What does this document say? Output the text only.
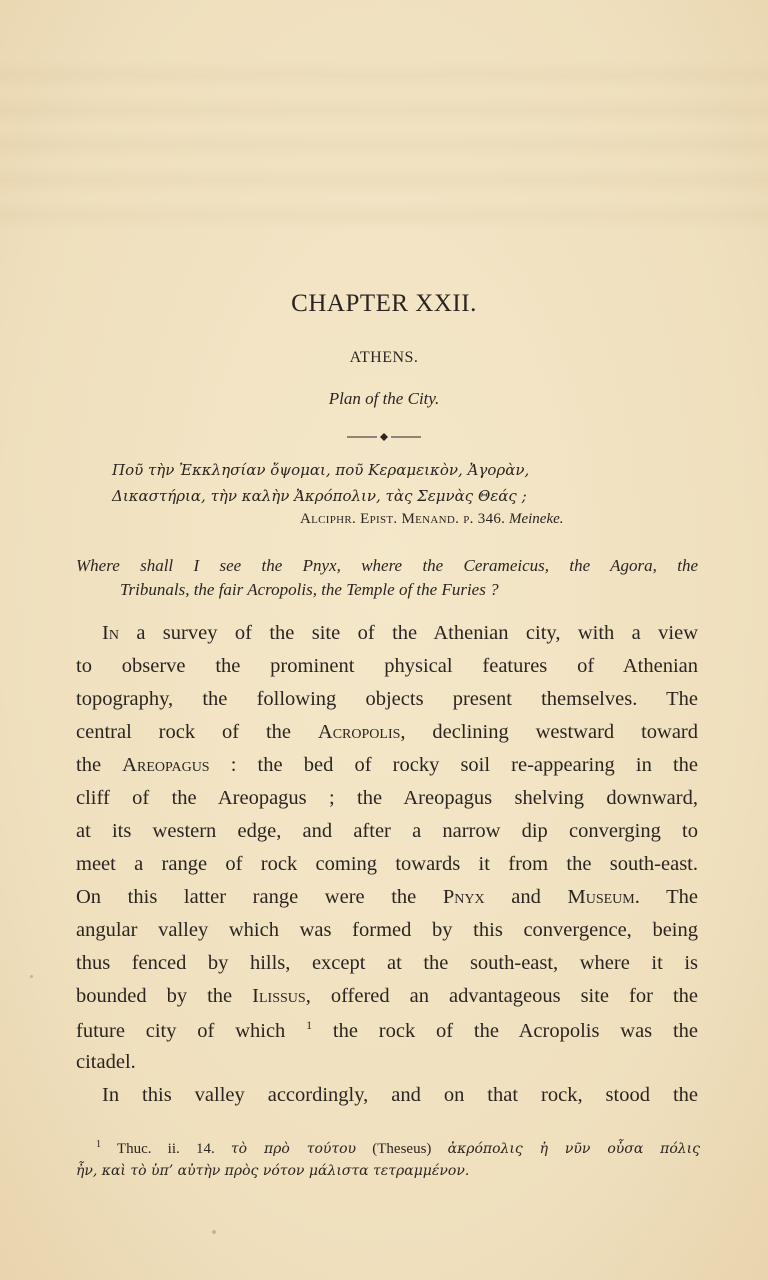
CHAPTER XXII.
ATHENS.
Plan of the City.
Ποῦ τὴν Ἐκκλησίαν ὄψομαι, ποῦ Κεραμεικὸν, Ἀγορὰν,
Δικαστήρια, τὴν καλὴν Ἀκρόπολιν, τὰς Σεμνὰς Θεάς ;
Alciphr. Epist. Menand. p. 346. Meineke.
Where shall I see the Pnyx, where the Cerameicus, the Agora, the
Tribunals, the fair Acropolis, the Temple of the Furies ?
In a survey of the site of the Athenian city, with a view
to observe the prominent physical features of Athenian
topography, the following objects present themselves. The
central rock of the Acropolis, declining westward toward
the Areopagus : the bed of rocky soil re-appearing in the
cliff of the Areopagus ; the Areopagus shelving downward,
at its western edge, and after a narrow dip converging to
meet a range of rock coming towards it from the south-east.
On this latter range were the Pnyx and Museum. The
angular valley which was formed by this convergence, being
thus fenced by hills, except at the south-east, where it is
bounded by the Ilissus, offered an advantageous site for the
future city of which $^1$ the rock of the Acropolis was the
citadel.
In this valley accordingly, and on that rock, stood the
$^1$ Thuc. ii. 14. τὸ πρὸ τούτου (Theseus) ἀκρόπολις ἡ νῦν οὖσα πόλις
ἦν, καὶ τὸ ὑπ’ αὐτὴν πρὸς νότον μάλιστα τετραμμένον.
